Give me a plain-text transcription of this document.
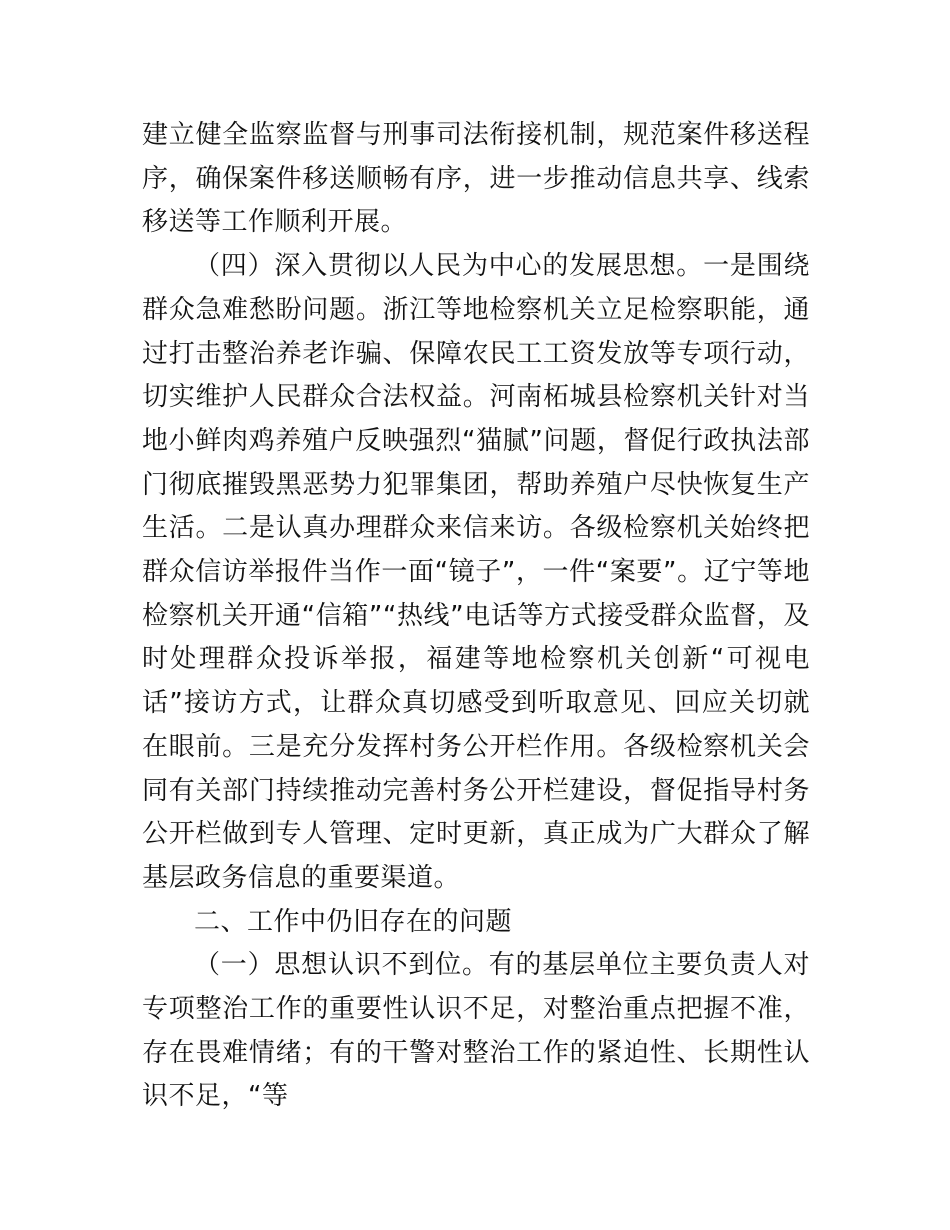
建立健全监察监督与刑事司法衔接机制，规范案件移送程序，确保案件移送顺畅有序，进一步推动信息共享、线索移送等工作顺利开展。

（四）深入贯彻以人民为中心的发展思想。一是围绕群众急难愁盼问题。浙江等地检察机关立足检察职能，通过打击整治养老诈骗、保障农民工工资发放等专项行动，切实维护人民群众合法权益。河南柘城县检察机关针对当地小鲜肉鸡养殖户反映强烈“猫腻”问题，督促行政执法部门彻底摧毁黑恶势力犯罪集团，帮助养殖户尽快恢复生产生活。二是认真办理群众来信来访。各级检察机关始终把群众信访举报件当作一面“镜子”，一件“案要”。辽宁等地检察机关开通“信箱”“热线”电话等方式接受群众监督，及时处理群众投诉举报，福建等地检察机关创新“可视电话”接访方式，让群众真切感受到听取意见、回应关切就在眼前。三是充分发挥村务公开栏作用。各级检察机关会同有关部门持续推动完善村务公开栏建设，督促指导村务公开栏做到专人管理、定时更新，真正成为广大群众了解基层政务信息的重要渠道。

二、工作中仍旧存在的问题

（一）思想认识不到位。有的基层单位主要负责人对专项整治工作的重要性认识不足，对整治重点把握不准，存在畏难情绪；有的干警对整治工作的紧迫性、长期性认识不足，“等
